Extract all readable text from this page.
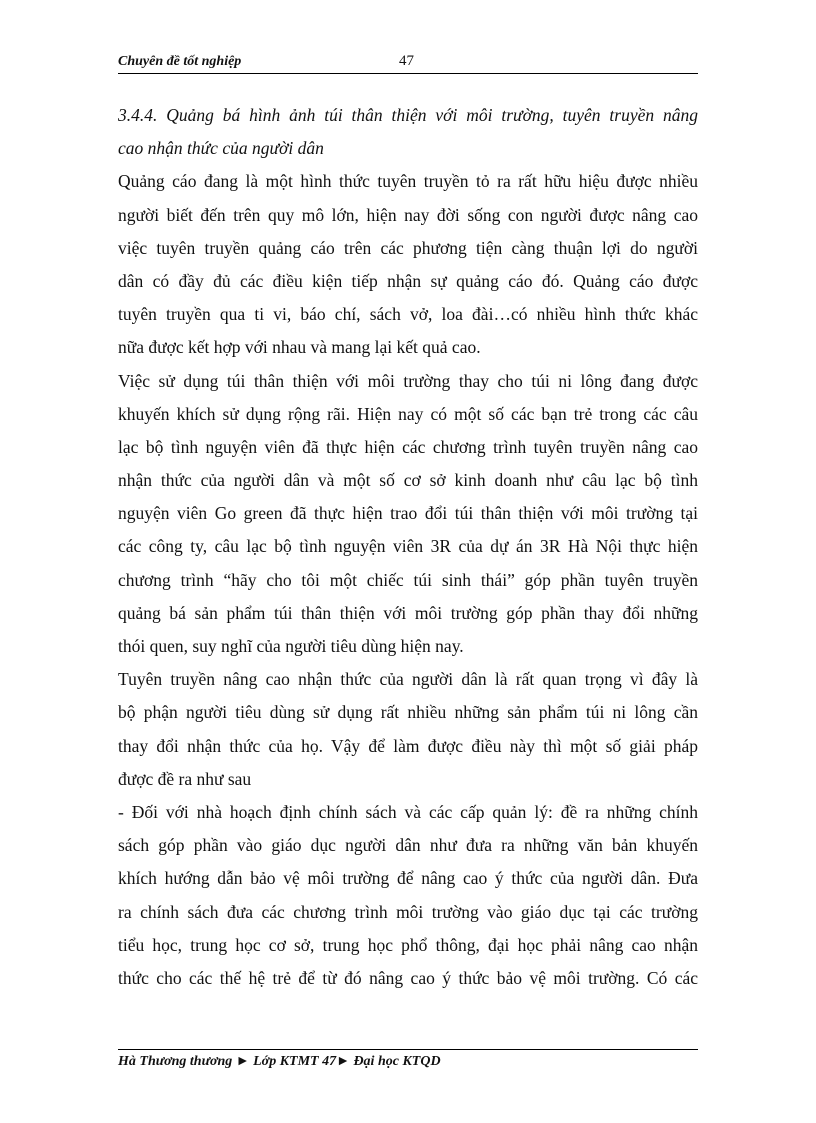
Chuyên đề tốt nghiệp	47
3.4.4. Quảng bá hình ảnh túi thân thiện với môi trường, tuyên truyền nâng
cao nhận thức của người dân
Quảng cáo đang là một hình thức tuyên truyền tỏ ra rất hữu hiệu được nhiều
người biết đến trên quy mô lớn, hiện nay đời sống con người được nâng cao
việc tuyên truyền quảng cáo trên các phương tiện càng thuận lợi do người
dân có đầy đủ các điều kiện tiếp nhận sự quảng cáo đó. Quảng cáo được
tuyên truyền qua ti vi, báo chí, sách vở, loa đài…có nhiều hình thức khác
nữa được kết hợp với nhau và mang lại kết quả cao.
Việc sử dụng túi thân thiện với môi trường thay cho túi ni lông đang được
khuyến khích sử dụng rộng rãi. Hiện nay có một số các bạn trẻ trong các câu
lạc bộ tình nguyện viên đã thực hiện các chương trình tuyên truyền nâng cao
nhận thức của người dân và một số cơ sở kinh doanh như câu lạc bộ tình
nguyện viên Go green đã thực hiện trao đổi túi thân thiện với môi trường tại
các công ty, câu lạc bộ tình nguyện viên 3R của dự án 3R Hà Nội thực hiện
chương trình “hãy cho tôi một chiếc túi sinh thái” góp phần tuyên truyền
quảng bá sản phẩm túi thân thiện với môi trường góp phần thay đổi những
thói quen, suy nghĩ của người tiêu dùng hiện nay.
Tuyên truyền nâng cao nhận thức của người dân là rất quan trọng vì đây là
bộ phận người tiêu dùng sử dụng rất nhiều những sản phẩm túi ni lông cần
thay đổi nhận thức của họ. Vậy để làm được điều này thì một số giải pháp
được đề ra như sau
- Đối với nhà hoạch định chính sách và các cấp quản lý: đề ra những chính
sách góp phần vào giáo dục người dân như đưa ra những văn bản khuyến
khích hướng dẫn bảo vệ môi trường để nâng cao ý thức của người dân. Đưa
ra chính sách đưa các chương trình môi trường vào giáo dục tại các trường
tiểu học, trung học cơ sở, trung học phổ thông, đại học phải nâng cao nhận
thức cho các thế hệ trẻ để từ đó nâng cao ý thức bảo vệ môi trường. Có các
Hà Thương thương ► Lớp KTMT 47► Đại học KTQD
